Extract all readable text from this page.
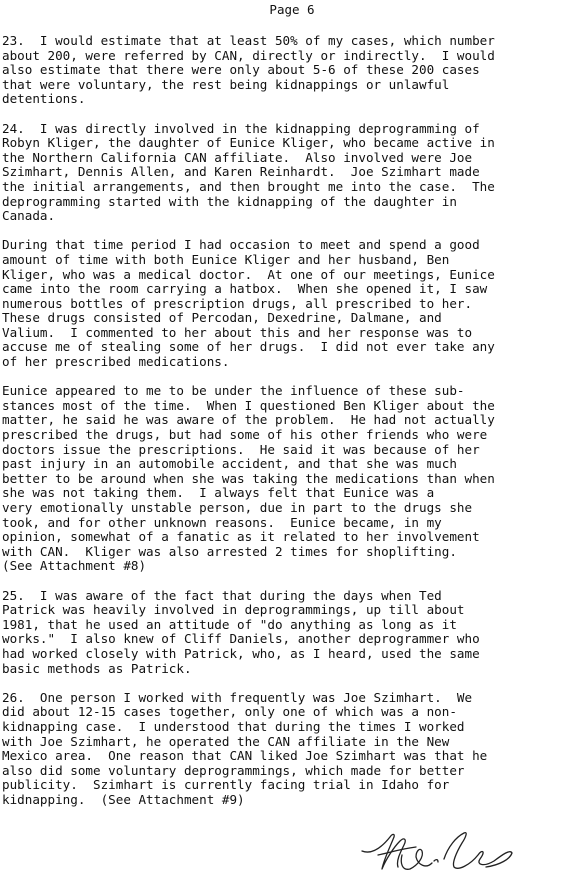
Page 6
23.  I would estimate that at least 50% of my cases, which number
about 200, were referred by CAN, directly or indirectly.  I would
also estimate that there were only about 5-6 of these 200 cases
that were voluntary, the rest being kidnappings or unlawful
detentions.
24.  I was directly involved in the kidnapping deprogramming of
Robyn Kliger, the daughter of Eunice Kliger, who became active in
the Northern California CAN affiliate.  Also involved were Joe
Szimhart, Dennis Allen, and Karen Reinhardt.  Joe Szimhart made
the initial arrangements, and then brought me into the case.  The
deprogramming started with the kidnapping of the daughter in
Canada.
During that time period I had occasion to meet and spend a good
amount of time with both Eunice Kliger and her husband, Ben
Kliger, who was a medical doctor.  At one of our meetings, Eunice
came into the room carrying a hatbox.  When she opened it, I saw
numerous bottles of prescription drugs, all prescribed to her.
These drugs consisted of Percodan, Dexedrine, Dalmane, and
Valium.  I commented to her about this and her response was to
accuse me of stealing some of her drugs.  I did not ever take any
of her prescribed medications.
Eunice appeared to me to be under the influence of these sub-
stances most of the time.  When I questioned Ben Kliger about the
matter, he said he was aware of the problem.  He had not actually
prescribed the drugs, but had some of his other friends who were
doctors issue the prescriptions.  He said it was because of her
past injury in an automobile accident, and that she was much
better to be around when she was taking the medications than when
she was not taking them.  I always felt that Eunice was a
very emotionally unstable person, due in part to the drugs she
took, and for other unknown reasons.  Eunice became, in my
opinion, somewhat of a fanatic as it related to her involvement
with CAN.  Kliger was also arrested 2 times for shoplifting.
(See Attachment #8)
25.  I was aware of the fact that during the days when Ted
Patrick was heavily involved in deprogrammings, up till about
1981, that he used an attitude of "do anything as long as it
works."  I also knew of Cliff Daniels, another deprogrammer who
had worked closely with Patrick, who, as I heard, used the same
basic methods as Patrick.
26.  One person I worked with frequently was Joe Szimhart.  We
did about 12-15 cases together, only one of which was a non-
kidnapping case.  I understood that during the times I worked
with Joe Szimhart, he operated the CAN affiliate in the New
Mexico area.  One reason that CAN liked Joe Szimhart was that he
also did some voluntary deprogrammings, which made for better
publicity.  Szimhart is currently facing trial in Idaho for
kidnapping.  (See Attachment #9)
